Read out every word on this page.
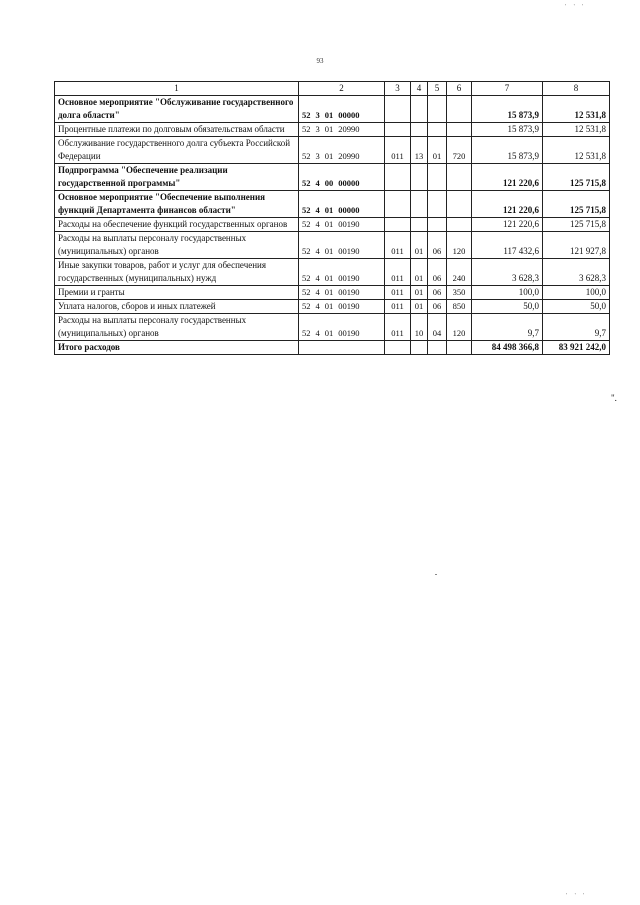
93
1	2	3	4	5	6	7	8
Основное мероприятие "Обслуживание государственного долга области"	52 3 01 00000					15 873,9	12 531,8
Процентные платежи по долговым обязательствам области	52 3 01 20990					15 873,9	12 531,8
Обслуживание государственного долга субъекта Российской Федерации	52 3 01 20990	011	13	01	720	15 873,9	12 531,8
Подпрограмма "Обеспечение реализации государственной программы"	52 4 00 00000					121 220,6	125 715,8
Основное мероприятие "Обеспечение выполнения функций Департамента финансов области"	52 4 01 00000					121 220,6	125 715,8
Расходы на обеспечение функций государственных органов	52 4 01 00190					121 220,6	125 715,8
Расходы на выплаты персоналу государственных (муниципальных) органов	52 4 01 00190	011	01	06	120	117 432,6	121 927,8
Иные закупки товаров, работ и услуг для обеспечения государственных (муниципальных) нужд	52 4 01 00190	011	01	06	240	3 628,3	3 628,3
Премии и гранты	52 4 01 00190	011	01	06	350	100,0	100,0
Уплата налогов, сборов и иных платежей	52 4 01 00190	011	01	06	850	50,0	50,0
Расходы на выплаты персоналу государственных (муниципальных) органов	52 4 01 00190	011	10	04	120	9,7	9,7
Итого расходов						84 498 366,8	83 921 242,0
".
' ' '
' ' '
